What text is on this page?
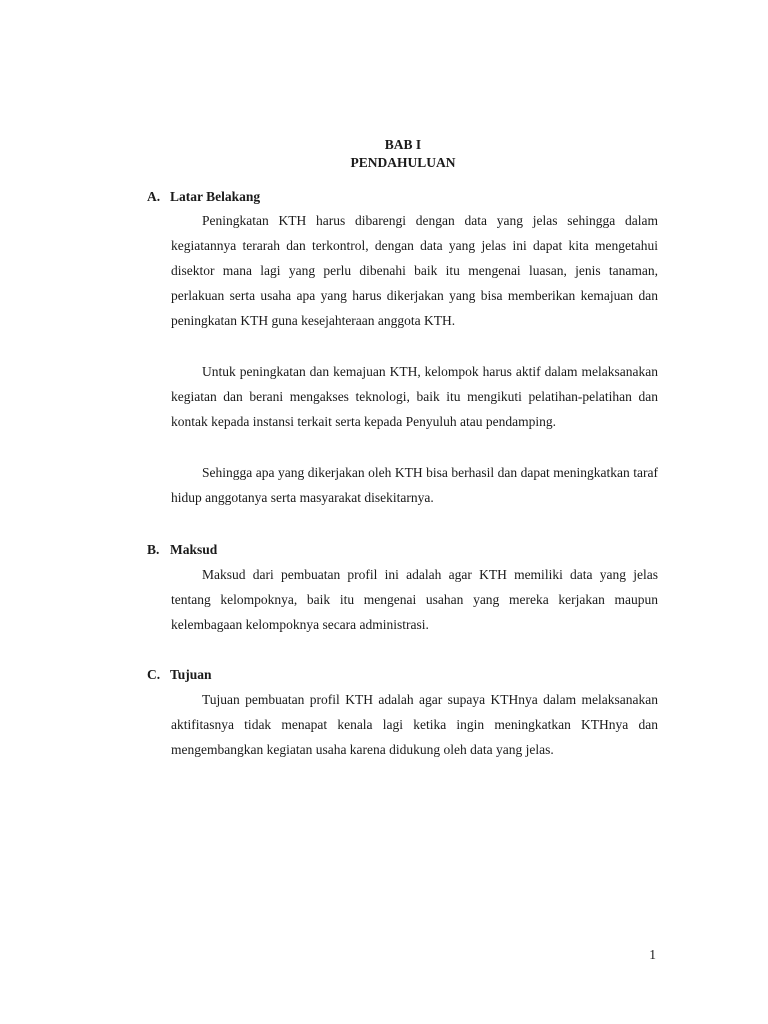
BAB I
PENDAHULUAN
A. Latar Belakang

Peningkatan KTH harus dibarengi dengan data yang jelas sehingga dalam kegiatannya terarah dan terkontrol, dengan data yang jelas ini dapat kita mengetahui disektor mana lagi yang perlu dibenahi baik itu mengenai luasan, jenis tanaman, perlakuan serta usaha apa yang harus dikerjakan yang bisa memberikan kemajuan dan peningkatan KTH guna kesejahteraan anggota KTH.

Untuk peningkatan dan kemajuan KTH, kelompok harus aktif dalam melaksanakan kegiatan dan berani mengakses teknologi, baik itu mengikuti pelatihan-pelatihan dan kontak kepada instansi terkait serta kepada Penyuluh atau pendamping.

Sehingga apa yang dikerjakan oleh KTH bisa berhasil dan dapat meningkatkan taraf hidup anggotanya serta masyarakat disekitarnya.

B. Maksud

Maksud dari pembuatan profil ini adalah agar KTH memiliki data yang jelas tentang kelompoknya, baik itu mengenai usahan yang mereka kerjakan maupun kelembagaan kelompoknya secara administrasi.

C. Tujuan

Tujuan pembuatan profil KTH adalah agar supaya KTHnya dalam melaksanakan aktifitasnya tidak menapat kenala lagi ketika ingin meningkatkan KTHnya dan mengembangkan kegiatan usaha karena didukung oleh data yang jelas.

1
